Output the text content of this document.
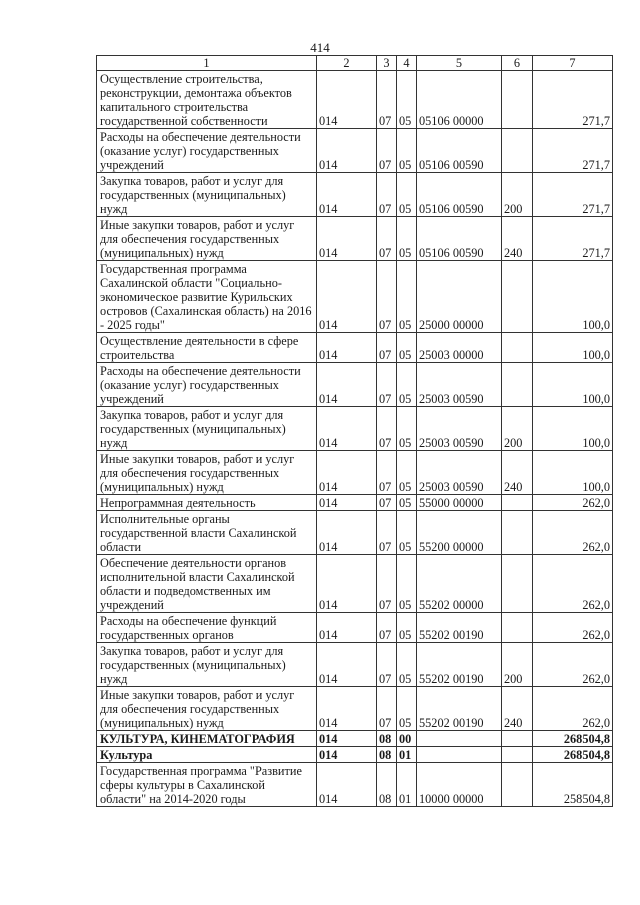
414
1	2	3	4	5	6	7
Осуществление строительства, реконструкции, демонтажа объектов капитального строительства государственной собственности	014	07	05	05106 00000		271,7
Расходы на обеспечение деятельности (оказание услуг) государственных учреждений	014	07	05	05106 00590		271,7
Закупка товаров, работ и услуг для государственных (муниципальных) нужд	014	07	05	05106 00590	200	271,7
Иные закупки товаров, работ и услуг для обеспечения государственных (муниципальных) нужд	014	07	05	05106 00590	240	271,7
Государственная программа Сахалинской области "Социально-экономическое развитие Курильских островов (Сахалинская область) на 2016 - 2025 годы"	014	07	05	25000 00000		100,0
Осуществление деятельности в сфере строительства	014	07	05	25003 00000		100,0
Расходы на обеспечение деятельности (оказание услуг) государственных учреждений	014	07	05	25003 00590		100,0
Закупка товаров, работ и услуг для государственных (муниципальных) нужд	014	07	05	25003 00590	200	100,0
Иные закупки товаров, работ и услуг для обеспечения государственных (муниципальных) нужд	014	07	05	25003 00590	240	100,0
Непрограммная деятельность	014	07	05	55000 00000		262,0
Исполнительные органы государственной власти Сахалинской области	014	07	05	55200 00000		262,0
Обеспечение деятельности органов исполнительной власти Сахалинской области и подведомственных им учреждений	014	07	05	55202 00000		262,0
Расходы на обеспечение функций государственных органов	014	07	05	55202 00190		262,0
Закупка товаров, работ и услуг для государственных (муниципальных) нужд	014	07	05	55202 00190	200	262,0
Иные закупки товаров, работ и услуг для обеспечения государственных (муниципальных) нужд	014	07	05	55202 00190	240	262,0
КУЛЬТУРА, КИНЕМАТОГРАФИЯ	014	08	00			268504,8
Культура	014	08	01			268504,8
Государственная программа "Развитие сферы культуры в Сахалинской области" на 2014-2020 годы	014	08	01	10000 00000		258504,8
